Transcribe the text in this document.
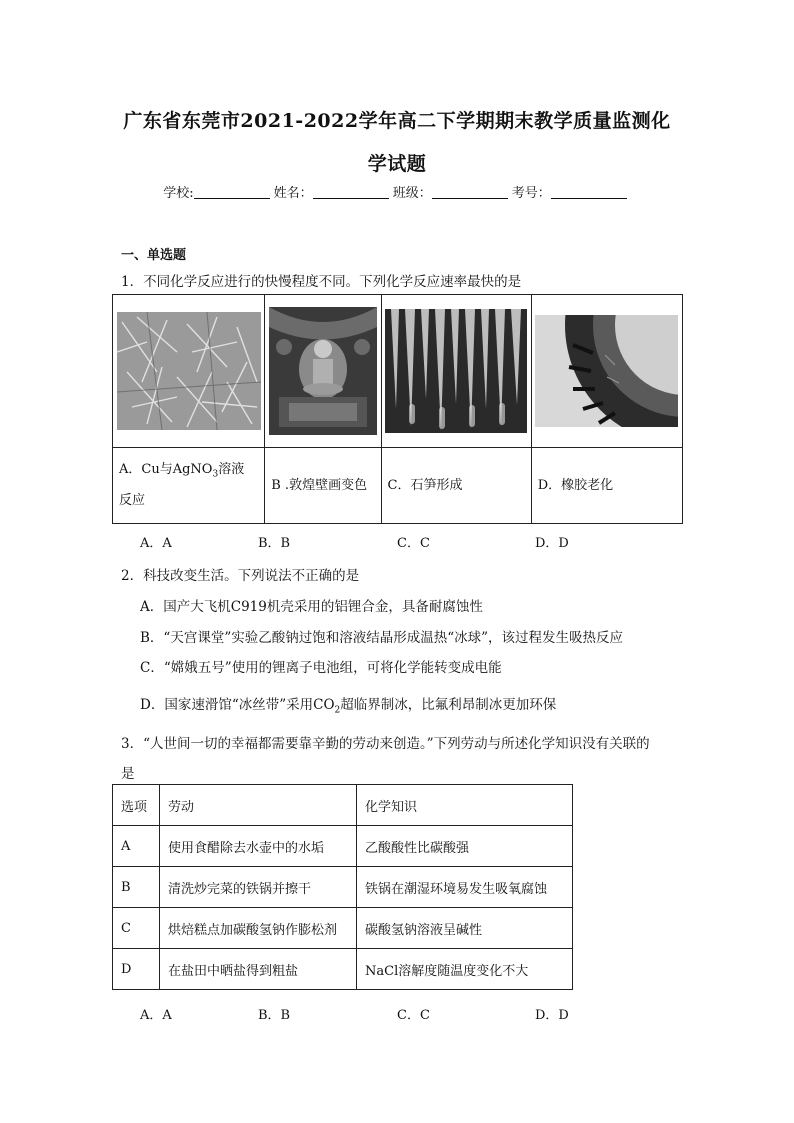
广东省东莞市2021-2022学年高二下学期期末教学质量监测化
学试题
学校:	姓名：	班级：	考号：
一、单选题
1．不同化学反应进行的快慢程度不同。下列化学反应速率最快的是

A．Cu与AgNO$_3$溶液
反应	B .敦煌壁画变色	C．石笋形成	D．橡胶老化
A．A	B．B	C．C	D．D
2．科技改变生活。下列说法不正确的是
A．国产大飞机C919机壳采用的铝锂合金，具备耐腐蚀性
B．“天宫课堂”实验乙酸钠过饱和溶液结晶形成温热“冰球”，该过程发生吸热反应
C．“嫦娥五号”使用的锂离子电池组，可将化学能转变成电能
D．国家速滑馆“冰丝带”采用$CO_2$超临界制冰，比氟利昂制冰更加环保
3．“人世间一切的幸福都需要靠辛勤的劳动来创造。”下列劳动与所述化学知识没有关联的
是
选项	劳动	化学知识
A	使用食醋除去水壶中的水垢	乙酸酸性比碳酸强
B	清洗炒完菜的铁锅并擦干	铁锅在潮湿环境易发生吸氧腐蚀
C	烘焙糕点加碳酸氢钠作膨松剂	碳酸氢钠溶液呈碱性
D	在盐田中晒盐得到粗盐	NaCl溶解度随温度变化不大
A．A	B．B	C．C	D．D
